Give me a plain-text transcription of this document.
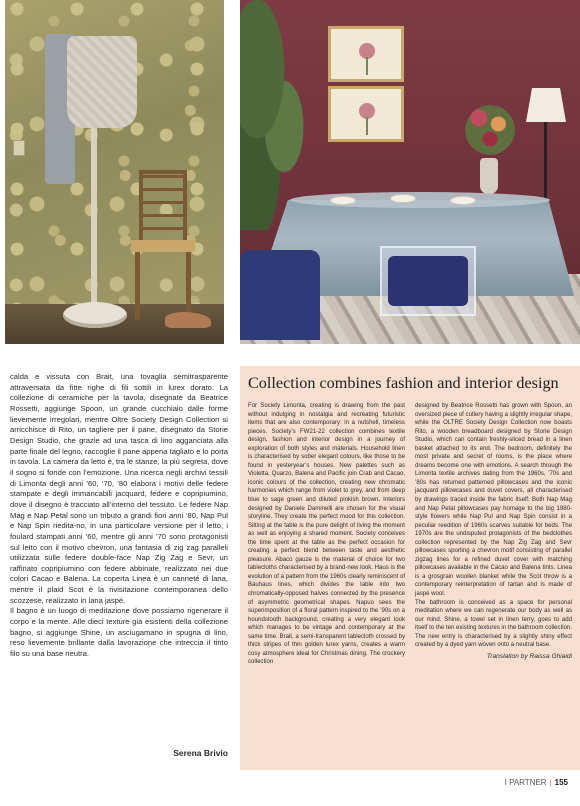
calda e vissuta con Brait, una tovaglia semitrasparente attraversata da fitte righe di fili sottili in lurex dorato. La collezione di ceramiche per la tavola, disegnate da Beatrice Rossetti, aggiunge Spoon, un grande cucchiaio dalle forme lievemente irregolari, mentre Oltre Society Design Collection si arricchisce di Rito, un tagliere per il pane, disegnato da Storie Design Studio, che grazie ad una tasca di lino agganciata alla parte finale del legno, raccoglie il pane appena tagliato e lo porta in tavola. La camera da letto è, tra le stanze, la più segreta, dove il sogno si fonde con l’emozione. Una ricerca negli archivi tessili di Limonta degli anni ’60, ’70, ’80 elabora i motivi delle federe stampate e degli immancabili jacquard, federe e copripiumino, dove il disegno è tracciato all’interno del tessuto. Le federe Nap Mag e Nap Petal sono un tributo a grandi fiori anni ’80, Nap Pul e Nap Spin riedita-no, in una particolare versione per il letto, i foulard stampati anni ’60, mentre gli anni ’70 sono protagonisti sul letto con il motivo chevron, una fantasia di zig zag paralleli utilizzata sulle federe double-face Nap Zig Zag e Sevr, un raffinato copripiumino con federe abbinate, realizzato nei due colori Cacao e Balena. La coperta Linea è un canneté di lana, mentre il plaid Scot è la rivisitazione contemporanea dello scozzese, realizzato in lana jaspé.

Il bagno è un luogo di meditazione dove possiamo rigenerare il corpo e la mente. Alle dieci texture già esistenti della collezione bagno, si aggiunge Shine, un asciugamano in spugna di lino, reso lievemente brillante dalla lavorazione che intreccia il tinto filo su una base neutra.

Serena Brivio
Collection combines fashion and interior design

For Society Limonta, creating is drawing from the past without indulging in nostalgia and recreating futuristic items that are also contemporary: in a nutshell, timeless pieces. Society’s FW21-22 collection combines textile design, fashion and interior design in a journey of exploration of both styles and materials. Household linen is characterised by sober elegant colours, like those to be found in yesteryear’s houses. New palettes such as Violetta, Quarzo, Balena and Pacific join Crab and Cacao, iconic colours of the collection, creating new chromatic harmonies which range from violet to grey, and from deep blue to sage green and diluted pinkish brown. Interiors designed by Daniele Daminelli are chosen for the visual storyline. They create the perfect mood for this collection. Sitting at the table is the pure delight of living the moment as well as enjoying a shared moment. Society conceives the time spent at the table as the perfect occasion for creating a perfect blend between taste and aesthetic pleasure. Abaco gauze is the material of choice for two tablecloths characterised by a brand-new look. Haus is the evolution of a pattern from the 1960s clearly reminiscent of Bauhaus lines, which divides the table into two chromatically-opposed halves connected by the presence of asymmetric geometrical shapes. Napuo sees the superimposition of a floral pattern inspired to the ’90s on a houndstooth background, creating a very elegant look which manages to be vintage and contemporary at the same time. Brait, a semi-transparent tablecloth crossed by thick stripes of thin golden lurex yarns, creates a warm cosy atmosphere ideal for Christmas dining. The crockery collection

designed by Beatrice Rossetti has grown with Spoon, an oversized piece of cutlery having a slightly irregular shape, while the OLTRE Society Design Collection now boasts Rito, a wooden breadboard designed by Storie Design Studio, which can contain freshly-sliced bread in a linen basket attached to its end. The bedroom, definitely the most private and secret of rooms, is the place where dreams become one with emotions. A search through the Limonta textile archives dating from the 1960s, ’70s and ’80s has returned patterned pillowcases and the iconic jacquard pillowcases and duvet covers, all characterised by drawings traced inside the fabric itself. Both Nap Mag and Nap Petal pillowcases pay homage to the big 1980-style flowers while Nap Pul and Nap Spin consist in a peculiar reedition of 1960s scarves suitable for beds. The 1970s are the undisputed protagonists of the bedclothes collection represented by the Nap Zig Zag and Sevr pillowcases sporting a chevron motif consisting of parallel zigzag lines for a refined duvet cover with matching pillowcases available in the Cacao and Balena tints. Linea is a grosgrain woollen blanket while the Scot throw is a contemporary reinterpretation of tartan and is made of jaspé wool.

The bathroom is conceived as a space for personal meditation where we can regenerate our body as well as our mind. Shine, a towel set in linen terry, goes to add itself to the ten existing textures in the bathroom collection. The new entry is characterised by a slightly shiny effect created by a dyed yarn woven onto a neutral base.

Translation by Raissa Ghiaidi
I PARTNER | 155
